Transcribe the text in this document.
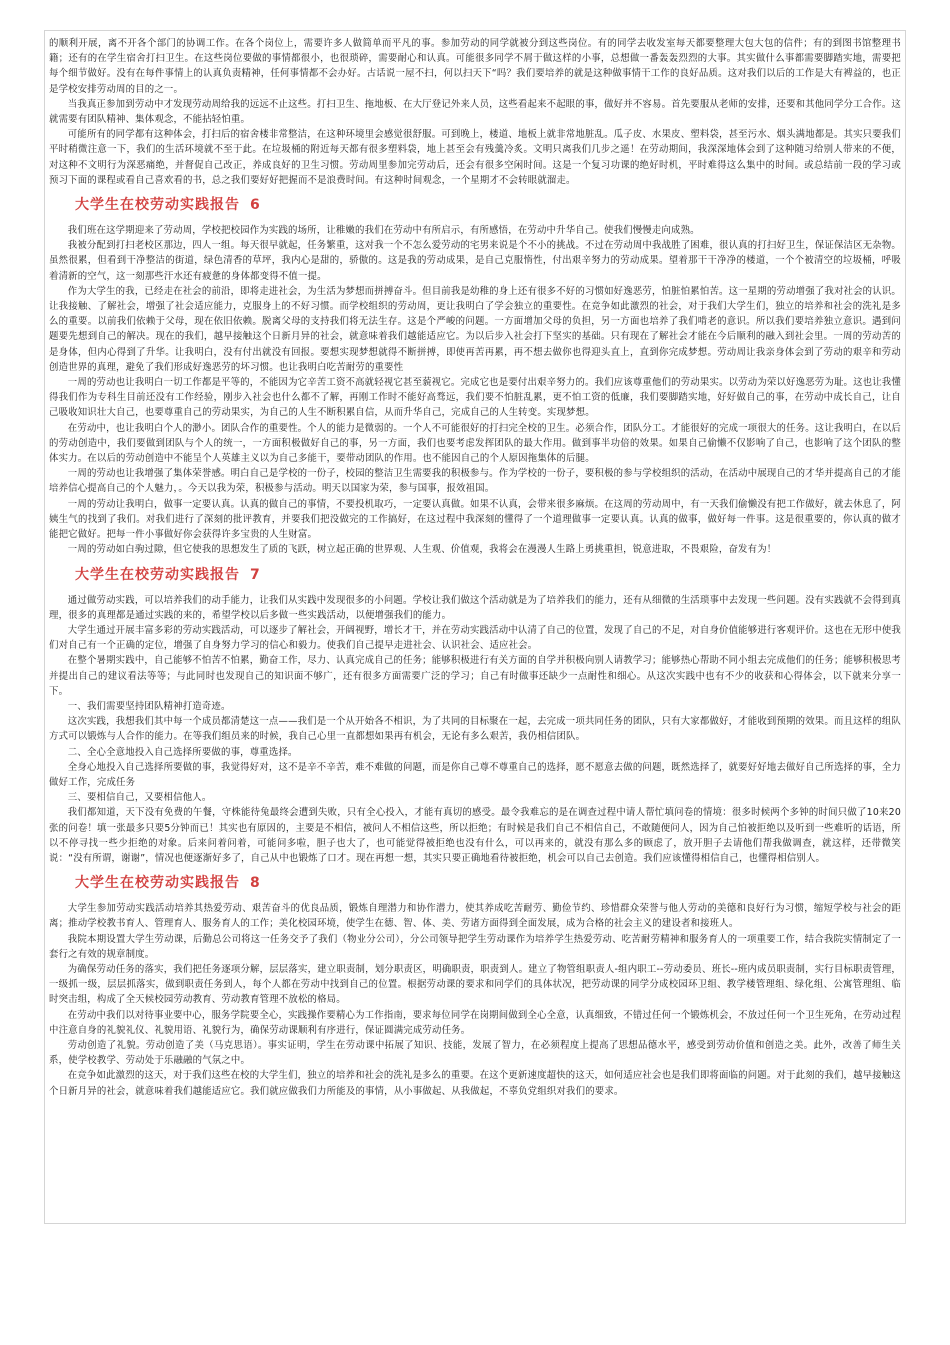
的顺利开展，离不开各个部门的协调工作。在各个岗位上，需要许多人做简单而平凡的事。参加劳动的同学就被分到这些岗位。有的同学去收发室每天都要整理大包大包的信件；有的到图书馆整理书籍；还有的在学生宿舍打扫卫生。在这些岗位要做的事情都很小，也很琐碎，需要耐心和认真。可能很多同学不屑于做这样的小事，总想做一番轰轰烈烈的大事。其实做什么事都需要脚踏实地，需要把每个细节做好。没有在每件事情上的认真负责精神，任何事情都不会办好。古话说一屋不扫，何以扫天下“吗？我们要培养的就是这种做事情干工作的良好品质。这对我们以后的工作是大有裨益的，也正是学校安排劳动周的目的之一。

当我真正参加到劳动中才发现劳动周给我的远远不止这些。打扫卫生、拖地板、在大厅登记外来人员，这些看起来不起眼的事，做好并不容易。首先要服从老师的安排，还要和其他同学分工合作。这就需要有团队精神、集体观念，不能拈轻怕重。

可能所有的同学都有这种体会，打扫后的宿舍楼非常整洁，在这种环境里会感觉很舒服。可到晚上，楼道、地板上就非常地脏乱。瓜子皮、水果皮、塑料袋，甚至污水、烟头满地都是。其实只要我们平时稍微注意一下，我们的生活环境就不至于此。在垃圾桶的附近每天都有很多塑料袋，地上甚至会有残羹冷炙。文明只离我们几步之遥！在劳动期间，我深深地体会到了这种随习给别人带来的不便，对这种不文明行为深恶痛绝，并督促自己改正，养成良好的卫生习惯。劳动周里参加完劳动后，还会有很多空闲时间。这是一个复习功课的绝好时机，平时难得这么集中的时间。或总结前一段的学习或预习下面的课程或看自己喜欢看的书，总之我们要好好把握而不是浪费时间。有这种时间观念，一个星期才不会转眼就溜走。

大学生在校劳动实践报告 6

我们班在这学期迎来了劳动周，学校把校园作为实践的场所，让稚嫩的我们在劳动中有所启示，有所感悟，在劳动中升华自己。使我们慢慢走向成熟。

我被分配到打扫老校区那边，四人一组。每天很早就起，任务繁重，这对我一个不怎么爱劳动的宅男来说是个不小的挑战。不过在劳动周中我战胜了困难，很认真的打扫好卫生，保证保洁区无杂物。虽然很累，但看到干净整洁的街道，绿色清香的草坪，我内心是甜的，骄傲的。这是我的劳动成果，是自己克服惰性，付出艰辛努力的劳动成果。望着那干干净净的楼道，一个个被清空的垃圾桶，呼吸着清新的空气，这一刻那些汗水还有疲惫的身体都变得不值一提。

作为大学生的我，已经走在社会的前沿，即将走进社会，为生活为梦想而拼搏奋斗。但目前我是幼稚的身上还有很多不好的习惯如好逸恶劳，怕脏怕累怕苦。这一星期的劳动增强了我对社会的认识。让我接触、了解社会，增强了社会适应能力，克服身上的不好习惯。而学校组织的劳动周，更让我明白了学会独立的重要性。在竞争如此激烈的社会，对于我们大学生们，独立的培养和社会的洗礼是多么的重要。以前我们依赖于父母，现在依旧依赖。脱离父母的支持我们将无法生存。这是个严峻的问题。一方面增加父母的负担，另一方面也培养了我们啃老的意识。所以我们要培养独立意识。遇到问题要先想到自己的解决。现在的我们，越早接触这个日新月异的社会，就意味着我们越能适应它。为以后步入社会打下坚实的基础。只有现在了解社会才能在今后顺利的融入到社会里。一周的劳动苦的是身体，但内心得到了升华。让我明白，没有付出就没有回报。要想实现梦想就得不断拼搏，即使再苦再累，再不想去做你也得迎头直上，直到你完成梦想。劳动周让我亲身体会到了劳动的艰辛和劳动创造世界的真理，避免了我们形成好逸恶劳的坏习惯。也让我明白吃苦耐劳的重要性

一周的劳动也让我明白一切工作都是平等的，不能因为它辛苦工资不高就轻视它甚至藐视它。完成它也是要付出艰辛努力的。我们应该尊重他们的劳动果实。以劳动为荣以好逸恶劳为耻。这也让我懂得我们作为专科生目前还没有工作经验，刚步入社会也什么都不了解，再刚工作时不能好高骛远，我们要不怕脏乱累，更不怕工资的低廉，我们要脚踏实地，好好做自己的事，在劳动中成长自己，让自己吸收知识壮大自己，也要尊重自己的劳动果实，为自己的人生不断积累自信，从而升华自己，完成自己的人生转变。实现梦想。

在劳动中，也让我明白个人的渺小。团队合作的重要性。个人的能力是微弱的。一个人不可能很好的打扫完全校的卫生。必须合作，团队分工。才能很好的完成一项很大的任务。这让我明白，在以后的劳动创造中，我们要做到团队与个人的统一，一方面积极做好自己的事，另一方面，我们也要考虑发挥团队的最大作用。做到事半功倍的效果。如果自己偷懒不仅影响了自己，也影响了这个团队的整体实力。在以后的劳动创造中不能呈个人英雄主义以为自己多能干，要带动团队的作用。也不能因自己的个人原因拖集体的后腿。

一周的劳动也让我增强了集体荣誉感。明白自己是学校的一份子，校园的整洁卫生需要我的积极参与。作为学校的一份子，要积极的参与学校组织的活动，在活动中展现自己的才华并提高自己的才能培养信心提高自己的个人魅力，。今天以我为荣，积极参与活动。明天以国家为荣，参与国事，报效祖国。

一周的劳动让我明白，做事一定要认真。认真的做自己的事情，不要投机取巧，一定要认真做。如果不认真，会带来很多麻烦。在这周的劳动周中，有一天我们偷懒没有把工作做好，就去休息了，阿姨生气的找到了我们。对我们进行了深刻的批评教育，并要我们把没做完的工作搞好，在这过程中我深刻的懂得了一个道理做事一定要认真。认真的做事，做好每一件事。这是很重要的，你认真的做才能把它做好。把每一件小事做好你会获得许多宝贵的人生财富。

一周的劳动如白驹过隙，但它使我的思想发生了质的飞跃，树立起正确的世界观、人生观、价值观，我将会在漫漫人生路上勇挑重担，锐意进取，不畏艰险，奋发有为！

大学生在校劳动实践报告 7

通过做劳动实践，可以培养我们的动手能力，让我们从实践中发现很多的小问题。学校让我们做这个活动就是为了培养我们的能力，还有从细微的生活琐事中去发现一些问题。没有实践就不会得到真理，很多的真理都是通过实践的来的，希望学校以后多做一些实践活动，以便增强我们的能力。

大学生通过开展丰富多彩的劳动实践活动，可以逐步了解社会，开阔视野，增长才干，并在劳动实践活动中认清了自己的位置，发现了自己的不足，对自身价值能够进行客观评价。这也在无形中使我们对自己有一个正确的定位，增强了自身努力学习的信心和毅力。使我们自己提早走进社会、认识社会、适应社会。

在整个暑期实践中，自己能够不怕苦不怕累，勤奋工作，尽力、认真完成自己的任务；能够积极进行有关方面的自学并积极向别人请教学习；能够热心帮助不同小组去完成他们的任务；能够积极思考并提出自己的建议看法等等；与此同时也发现自己的知识面不够广，还有很多方面需要广泛的学习；自己有时做事还缺少一点耐性和细心。从这次实践中也有不少的收获和心得体会，以下就来分享一下。

一、我们需要坚持团队精神打造奇迹。

这次实践，我想我们其中每一个成员都清楚这一点——我们是一个从开始各不相识，为了共同的目标聚在一起，去完成一项共同任务的团队，只有大家都做好，才能收到预期的效果。而且这样的组队方式可以锻炼与人合作的能力。在等我们组员来的时候，我自己心里一直都想如果再有机会，无论有多么艰苦，我仍相信团队。

二、全心全意地投入自己选择所要做的事，尊重选择。

全身心地投入自己选择所要做的事，我觉得好对，这不是辛不辛苦，难不难做的问题，而是你自己尊不尊重自己的选择，愿不愿意去做的问题，既然选择了，就要好好地去做好自己所选择的事，全力做好工作，完成任务

三、要相信自己，又要相信他人。

我们都知道，天下没有免费的午餐，守株能待兔最终会遭到失败，只有全心投入，才能有真切的感受。最令我难忘的是在调查过程中请人帮忙填问卷的情境：很多时候两个多钟的时间只做了10来20张的问卷！填一张最多只要5分钟而已！其实也有原因的，主要是不相信，被问人不相信这些，所以拒绝；有时候是我们自己不相信自己，不敢随便问人，因为自己怕被拒绝以及听到一些难听的话语，所以不停寻找一些少拒绝的对象。后来问着问着，可能问多啦，胆子也大了，也可能觉得被拒绝也没有什么，可以再来的，就没有那么多的顾虑了，放开胆子去请他们帮我做调查，就这样，还带微笑说：“没有所谓，谢谢”，情况也便逐渐好多了，自己从中也锻炼了口才。现在再想一想，其实只要正确地看待被拒绝，机会可以自己去创造。我们应该懂得相信自己，也懂得相信别人。

大学生在校劳动实践报告 8

大学生参加劳动实践活动培养其热爱劳动、艰苦奋斗的优良品质，锻炼自理潜力和协作潜力，使其养成吃苦耐劳、勤俭节约、珍惜群众荣誉与他人劳动的美德和良好行为习惯，缩短学校与社会的距离；推动学校教书育人、管理育人、服务育人的工作；美化校园环境，使学生在德、智、体、美、劳诸方面得到全面发展，成为合格的社会主义的建设者和接班人。

我院本期设置大学生劳动课，后勤总公司将这一任务交予了我们（物业分公司），分公司领导把学生劳动课作为培养学生热爱劳动、吃苦耐劳精神和服务育人的一项重要工作，结合我院实情制定了一套行之有效的规章制度。

为确保劳动任务的落实，我们把任务逐项分解，层层落实，建立职责制，划分职责区，明确职责，职责到人。建立了物管组职责人-组内职工--劳动委员、班长--班内成员职责制，实行目标职责管理，一级抓一级，层层抓落实，做到职责任务到人，每个人都在劳动中找到自己的位置。根据劳动课的要求和同学们的具体状况，把劳动课的同学分成校园环卫组、教学楼管理组、绿化组、公寓管理组、临时突击组，构成了全天候校园劳动教育、劳动教育管理不放松的格局。

在劳动中我们以对待事业要中心，服务学院要全心，实践操作要精心为工作指南，要求每位同学在岗期间做到全心全意，认真细致，不错过任何一个锻炼机会，不放过任何一个卫生死角，在劳动过程中注意自身的礼貌礼仪、礼貌用语、礼貌行为，确保劳动课顺利有序进行，保证圆满完成劳动任务。

劳动创造了礼貌。劳动创造了美（马克思语）。事实证明，学生在劳动课中拓展了知识、技能，发展了智力，在必须程度上提高了思想品德水平，感受到劳动价值和创造之美。此外，改善了师生关系，使学校教学、劳动处于乐融融的气氛之中。

在竞争如此激烈的这天，对于我们这些在校的大学生们，独立的培养和社会的洗礼是多么的重要。在这个更新速度超快的这天，如何适应社会也是我们即将面临的问题。对于此刻的我们，越早接触这个日新月异的社会，就意味着我们越能适应它。我们就应做我们力所能及的事情，从小事做起、从我做起，不辜负党组织对我们的要求。
